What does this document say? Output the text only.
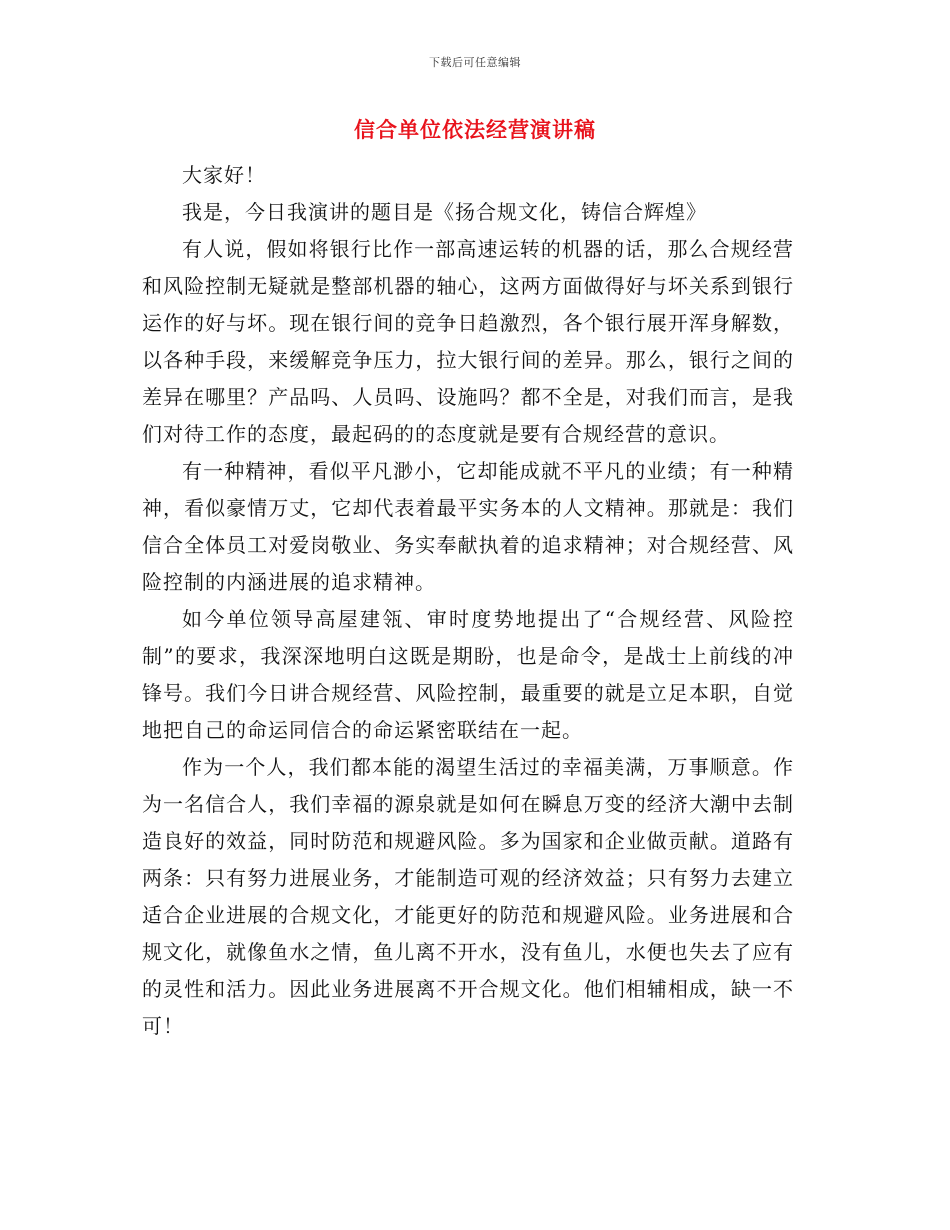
下载后可任意编辑
信合单位依法经营演讲稿

大家好！

我是，今日我演讲的题目是《扬合规文化，铸信合辉煌》

有人说，假如将银行比作一部高速运转的机器的话，那么合规经营和风险控制无疑就是整部机器的轴心，这两方面做得好与坏关系到银行运作的好与坏。现在银行间的竞争日趋激烈，各个银行展开浑身解数，以各种手段，来缓解竞争压力，拉大银行间的差异。那么，银行之间的差异在哪里？产品吗、人员吗、设施吗？都不全是，对我们而言，是我们对待工作的态度，最起码的的态度就是要有合规经营的意识。

有一种精神，看似平凡渺小，它却能成就不平凡的业绩；有一种精神，看似豪情万丈，它却代表着最平实务本的人文精神。那就是：我们信合全体员工对爱岗敬业、务实奉献执着的追求精神；对合规经营、风险控制的内涵进展的追求精神。

如今单位领导高屋建瓴、审时度势地提出了“合规经营、风险控制”的要求，我深深地明白这既是期盼，也是命令，是战士上前线的冲锋号。我们今日讲合规经营、风险控制，最重要的就是立足本职，自觉地把自己的命运同信合的命运紧密联结在一起。

作为一个人，我们都本能的渴望生活过的幸福美满，万事顺意。作为一名信合人，我们幸福的源泉就是如何在瞬息万变的经济大潮中去制造良好的效益，同时防范和规避风险。多为国家和企业做贡献。道路有两条：只有努力进展业务，才能制造可观的经济效益；只有努力去建立适合企业进展的合规文化，才能更好的防范和规避风险。业务进展和合规文化，就像鱼水之情，鱼儿离不开水，没有鱼儿，水便也失去了应有的灵性和活力。因此业务进展离不开合规文化。他们相辅相成，缺一不可！
